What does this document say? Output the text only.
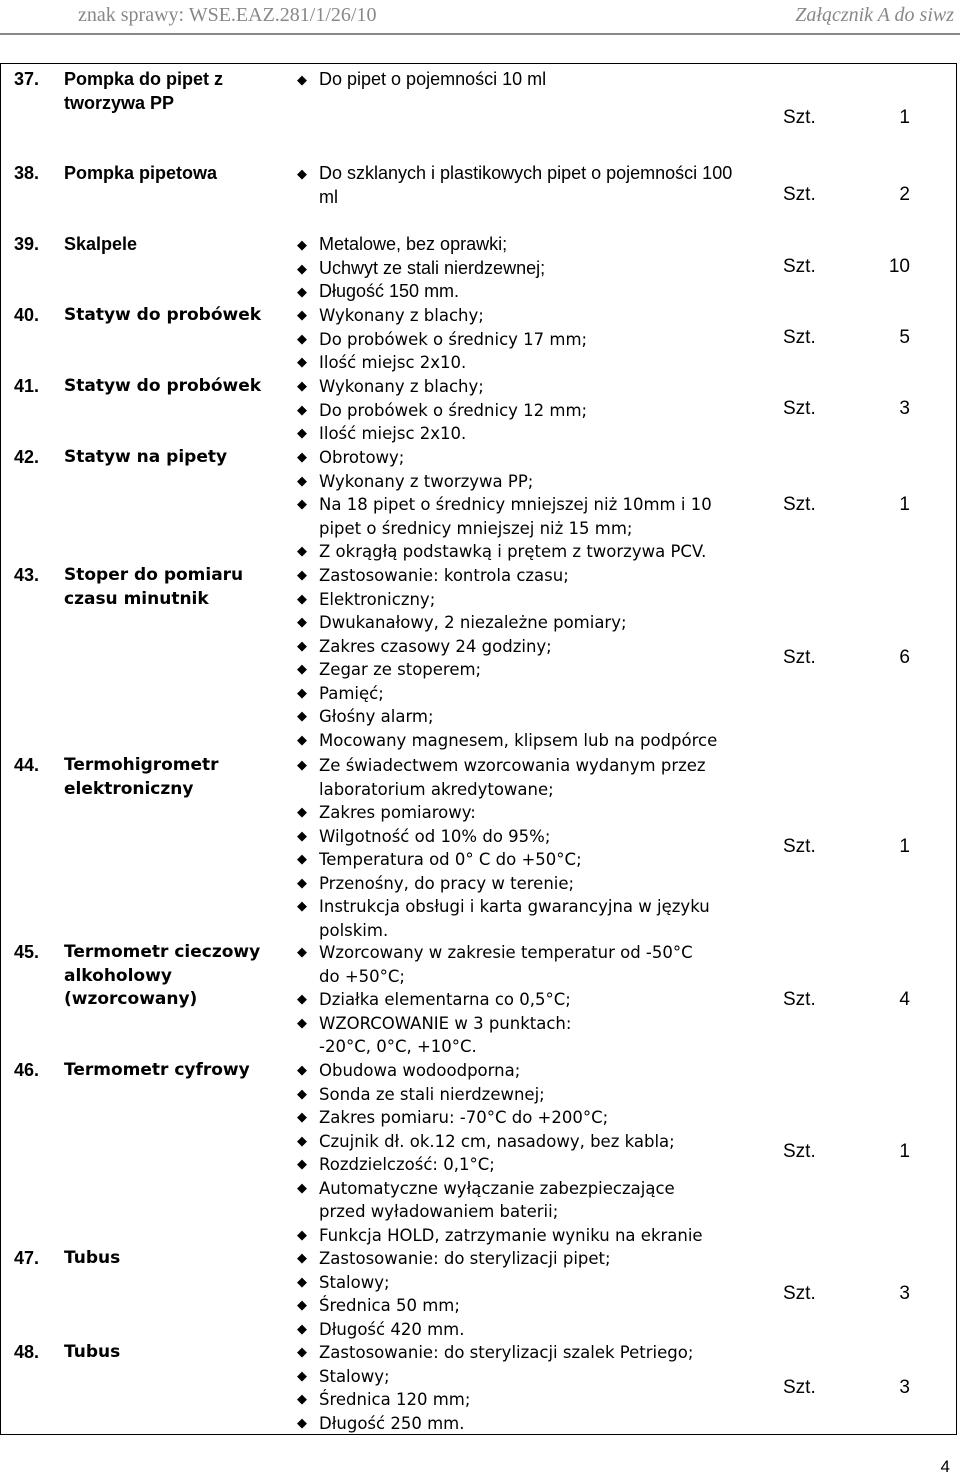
znak sprawy: WSE.EAZ.281/1/26/10	Załącznik A do siwz
37. Pompka do pipet z tworzywa PP
◆ Do pipet o pojemności 10 ml
Szt.	1
38. Pompka pipetowa	◆ Do szklanych i plastikowych pipet o pojemności 100 ml	Szt.	2
39. Skalpele	◆ Metalowe, bez oprawki;
◆ Uchwyt ze stali nierdzewnej;
◆ Długość 150 mm.
Szt.	10
40. Statyw do probówek	◆ Wykonany z blachy;
◆ Do probówek o średnicy 17 mm;
◆ Ilość miejsc 2x10.
Szt.	5
41. Statyw do probówek	◆ Wykonany z blachy;
◆ Do probówek o średnicy 12 mm;
◆ Ilość miejsc 2x10.
Szt.	3
42. Statyw na pipety	◆ Obrotowy;
◆ Wykonany z tworzywa PP;
◆ Na 18 pipet o średnicy mniejszej niż 10mm i 10 pipet o średnicy mniejszej niż 15 mm;
◆ Z okrągłą podstawką i prętem z tworzywa PCV.
Szt.	1
43. Stoper do pomiaru czasu minutnik
◆ Zastosowanie: kontrola czasu;
◆ Elektroniczny;
◆ Dwukanałowy, 2 niezależne pomiary;
◆ Zakres czasowy 24 godziny;
◆ Zegar ze stoperem;
◆ Pamięć;
◆ Głośny alarm;
◆ Mocowany magnesem, klipsem lub na podpórce
Szt.	6
44. Termohigrometr elektroniczny
◆ Ze świadectwem wzorcowania wydanym przez laboratorium akredytowane;
◆ Zakres pomiarowy:
◆ Wilgotność od 10% do 95%;
◆ Temperatura od 0° C do +50°C;
◆ Przenośny, do pracy w terenie;
◆ Instrukcja obsługi i karta gwarancyjna w języku polskim.
Szt.	1
45. Termometr cieczowy alkoholowy (wzorcowany)
◆ Wzorcowany w zakresie temperatur od -50°C do +50°C;
◆ Działka elementarna co 0,5°C;
◆ WZORCOWANIE w 3 punktach: -20°C, 0°C, +10°C.
Szt.	4
46. Termometr cyfrowy	◆ Obudowa wodoodporna;
◆ Sonda ze stali nierdzewnej;
◆ Zakres pomiaru: -70°C do +200°C;
◆ Czujnik dł. ok.12 cm, nasadowy, bez kabla;
◆ Rozdzielczość: 0,1°C;
◆ Automatyczne wyłączanie zabezpieczające przed wyładowaniem baterii;
◆ Funkcja HOLD, zatrzymanie wyniku na ekranie
Szt.	1
47. Tubus	◆ Zastosowanie: do sterylizacji pipet;
◆ Stalowy;
◆ Średnica 50 mm;
◆ Długość 420 mm.
Szt.	3
48. Tubus	◆ Zastosowanie: do sterylizacji szalek Petriego;
◆ Stalowy;
◆ Średnica 120 mm;
◆ Długość 250 mm.
Szt.	3
4
